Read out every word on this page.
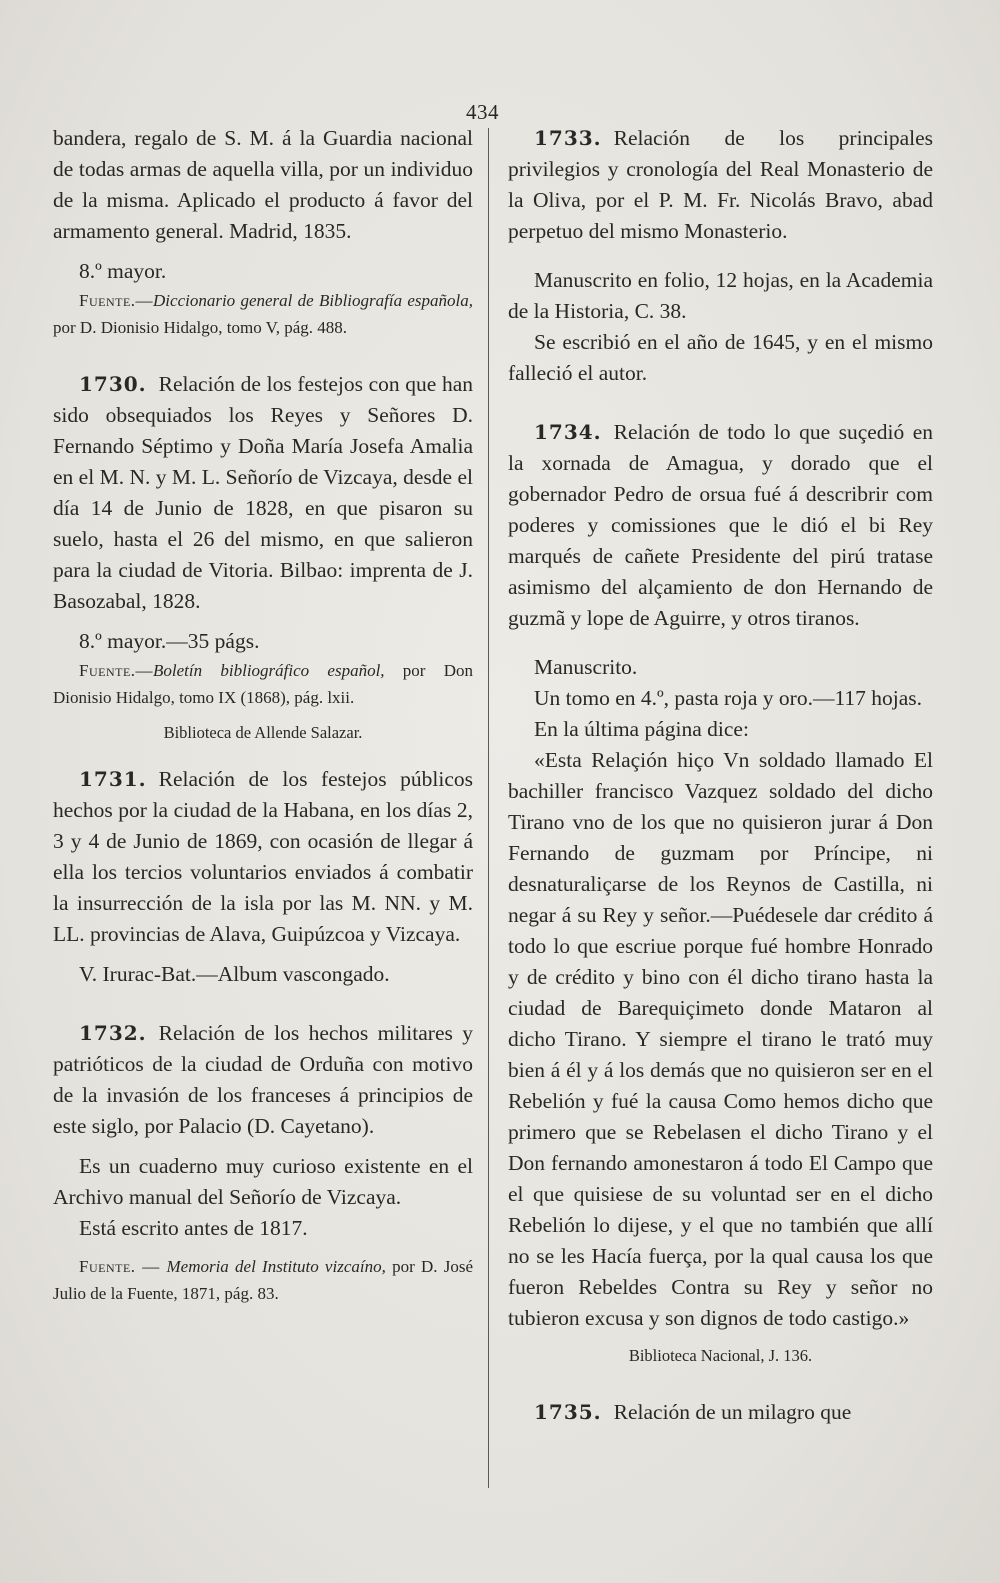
434

bandera, regalo de S. M. á la Guardia nacional de todas armas de aquella villa, por un individuo de la misma. Aplicado el producto á favor del armamento general. Madrid, 1835.

8.º mayor.

Fuente.—Diccionario general de Bibliografía española, por D. Dionisio Hidalgo, tomo V, pág. 488.

1730. Relación de los festejos con que han sido obsequiados los Reyes y Señores D. Fernando Séptimo y Doña María Josefa Amalia en el M. N. y M. L. Señorío de Vizcaya, desde el día 14 de Junio de 1828, en que pisaron su suelo, hasta el 26 del mismo, en que salieron para la ciudad de Vitoria. Bilbao: imprenta de J. Basozabal, 1828.

8.º mayor.—35 págs.

Fuente.—Boletín bibliográfico español, por Don Dionisio Hidalgo, tomo IX (1868), pág. lxii.

Biblioteca de Allende Salazar.

1731. Relación de los festejos públicos hechos por la ciudad de la Habana, en los días 2, 3 y 4 de Junio de 1869, con ocasión de llegar á ella los tercios voluntarios enviados á combatir la insurrección de la isla por las M. NN. y M. LL. provincias de Alava, Guipúzcoa y Vizcaya.

V. Irurac-Bat.—Album vascongado.

1732. Relación de los hechos militares y patrióticos de la ciudad de Orduña con motivo de la invasión de los franceses á principios de este siglo, por Palacio (D. Cayetano).

Es un cuaderno muy curioso existente en el Archivo manual del Señorío de Vizcaya.

Está escrito antes de 1817.

Fuente. — Memoria del Instituto vizcaíno, por D. José Julio de la Fuente, 1871, pág. 83.

1733. Relación de los principales privilegios y cronología del Real Monasterio de la Oliva, por el P. M. Fr. Nicolás Bravo, abad perpetuo del mismo Monasterio.

Manuscrito en folio, 12 hojas, en la Academia de la Historia, C. 38.

Se escribió en el año de 1645, y en el mismo falleció el autor.

1734. Relación de todo lo que suçedió en la xornada de Amagua, y dorado que el gobernador Pedro de orsua fué á describrir com poderes y comissiones que le dió el bi Rey marqués de cañete Presidente del pirú tratase asimismo del alçamiento de don Hernando de guzmã y lope de Aguirre, y otros tiranos.

Manuscrito.

Un tomo en 4.º, pasta roja y oro.—117 hojas.

En la última página dice:

«Esta Relaçión hiço Vn soldado llamado El bachiller francisco Vazquez soldado del dicho Tirano vno de los que no quisieron jurar á Don Fernando de guzmam por Príncipe, ni desnaturaliçarse de los Reynos de Castilla, ni negar á su Rey y señor.—Puédesele dar crédito á todo lo que escriue porque fué hombre Honrado y de crédito y bino con él dicho tirano hasta la ciudad de Barequiçimeto donde Mataron al dicho Tirano. Y siempre el tirano le trató muy bien á él y á los demás que no quisieron ser en el Rebelión y fué la causa Como hemos dicho que primero que se Rebelasen el dicho Tirano y el Don fernando amonestaron á todo El Campo que el que quisiese de su voluntad ser en el dicho Rebelión lo dijese, y el que no también que allí no se les Hacía fuerça, por la qual causa los que fueron Rebeldes Contra su Rey y señor no tubieron excusa y son dignos de todo castigo.»

Biblioteca Nacional, J. 136.

1735. Relación de un milagro que
